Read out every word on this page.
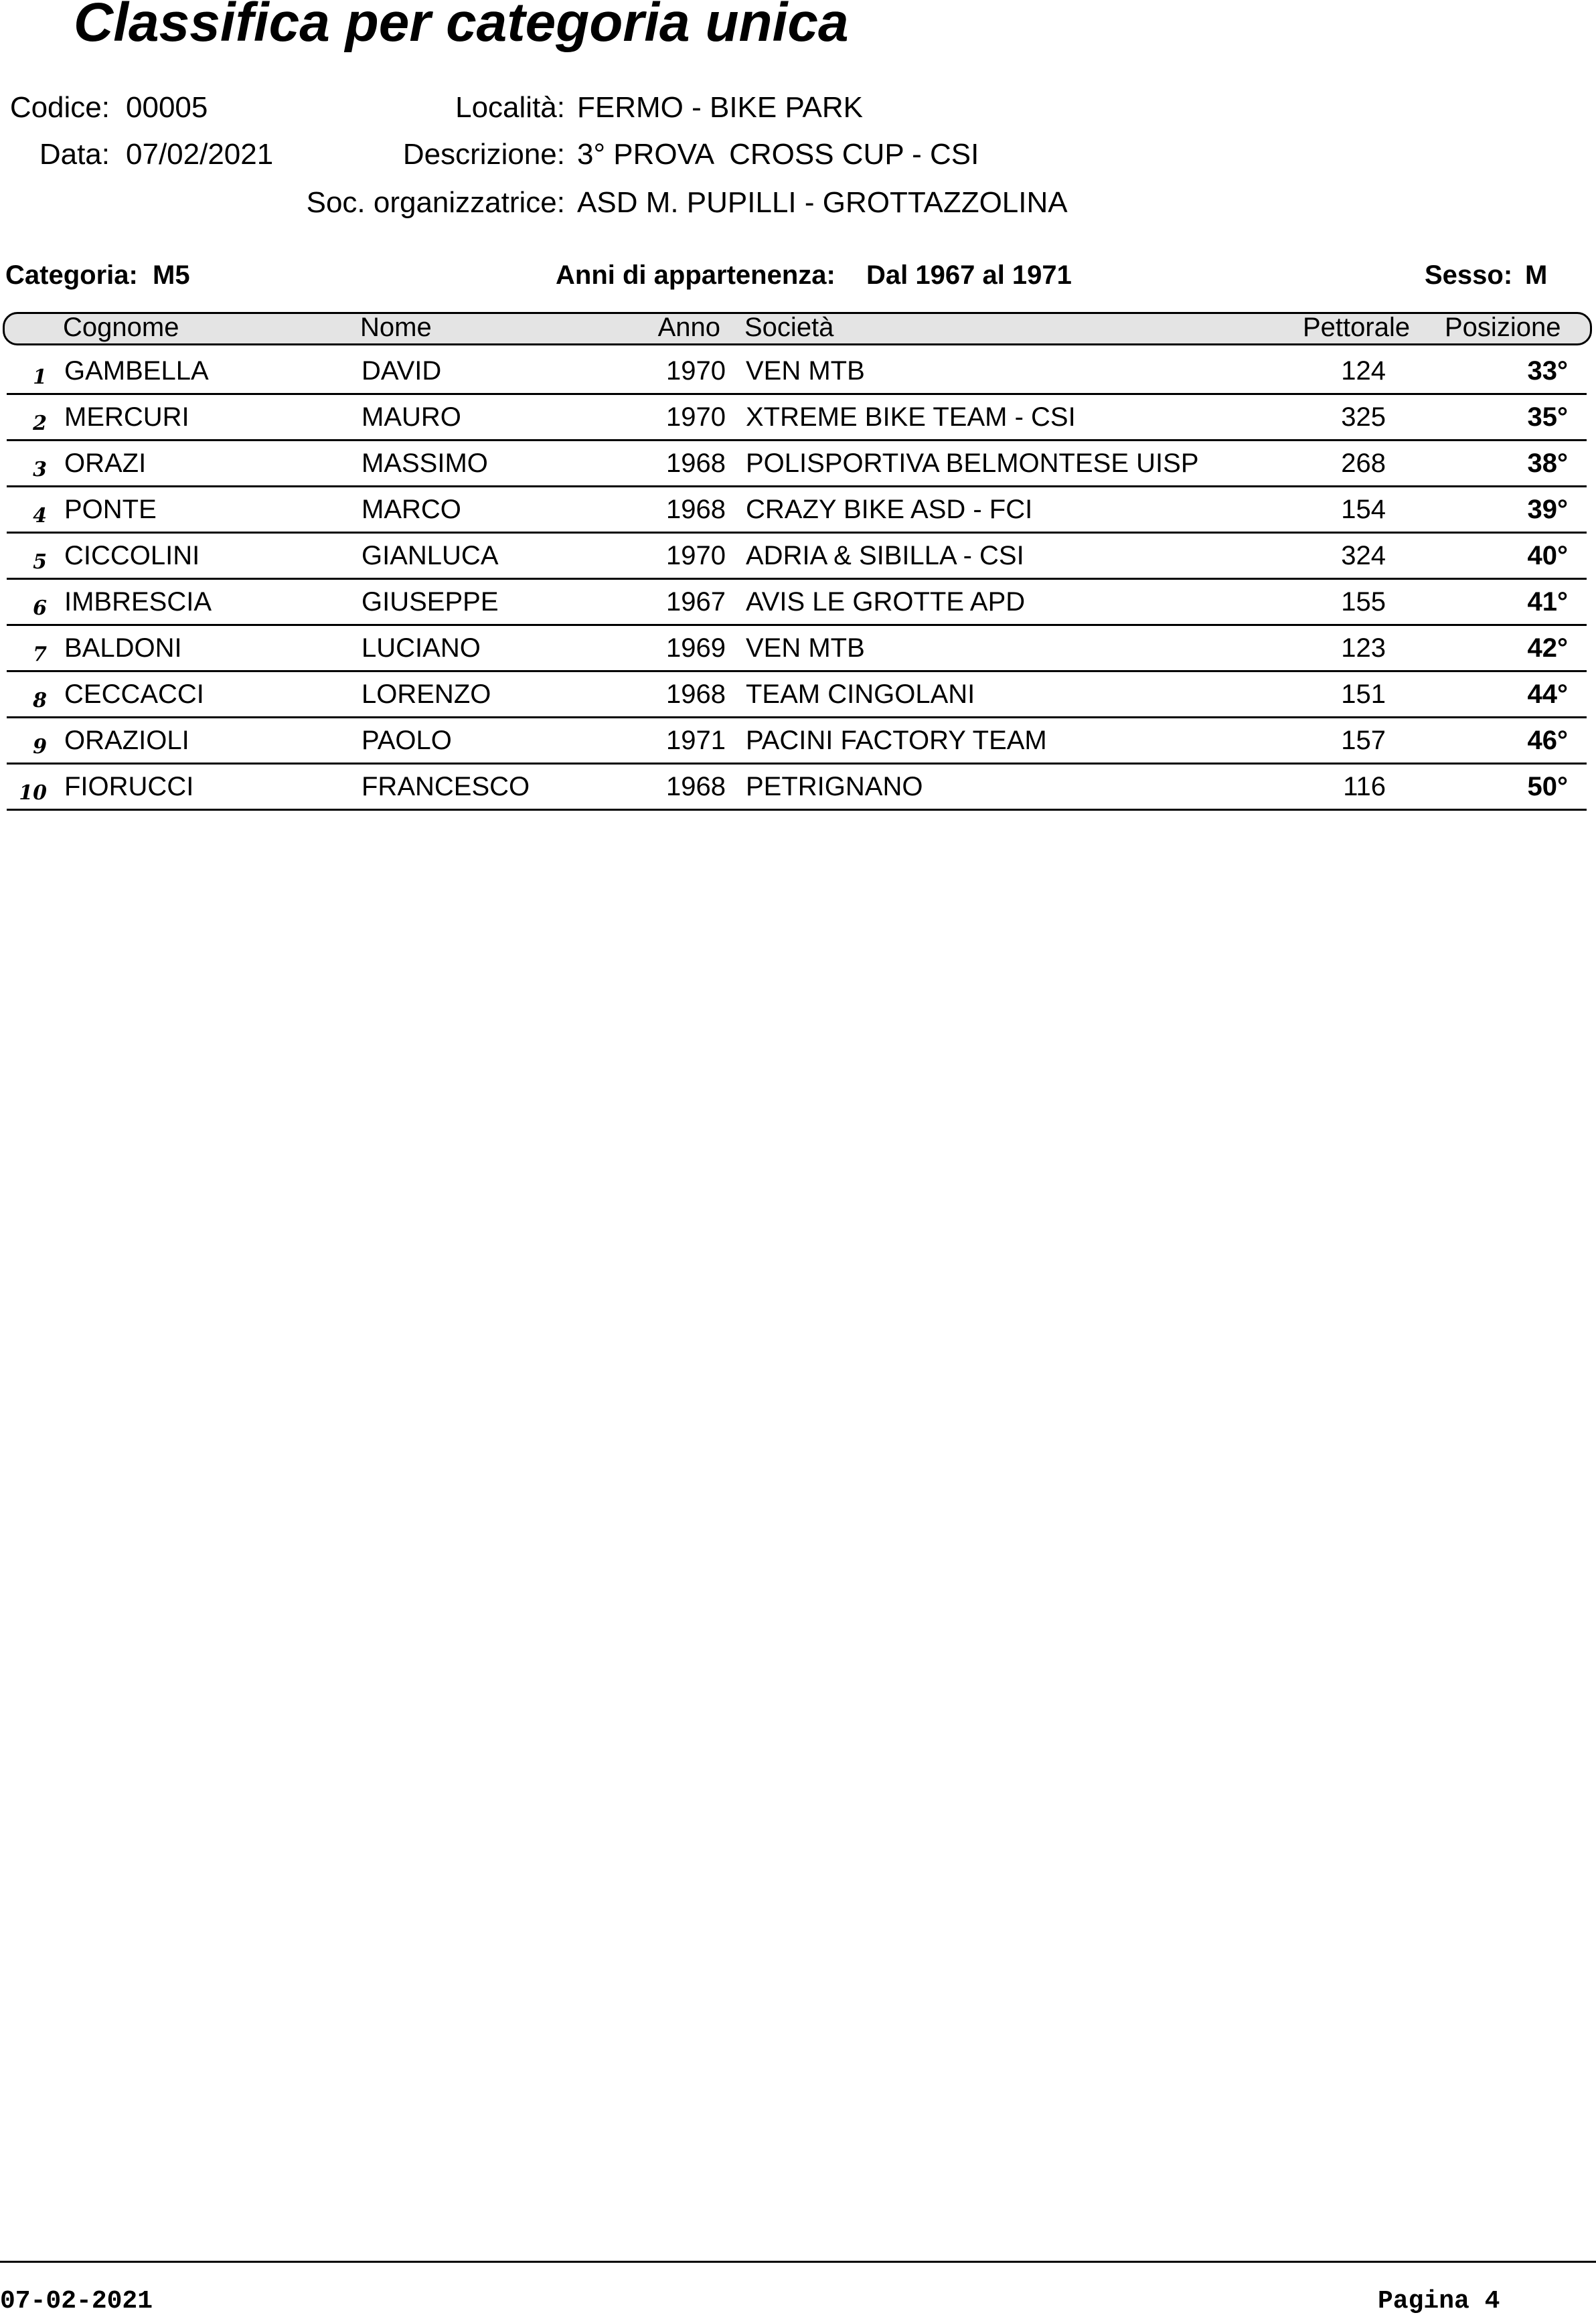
Classifica per categoria unica
Codice: 00005
Data: 07/02/2021
Località: FERMO - BIKE PARK
Descrizione: 3° PROVA  CROSS CUP - CSI
Soc. organizzatrice: ASD M. PUPILLI - GROTTAZZOLINA
Categoria: M5	Anni di appartenenza: Dal 1967 al 1971	Sesso: M
Cognome	Nome	Anno Società	Pettorale Posizione
1 GAMBELLA	DAVID	1970 VEN MTB	124	33°
2 MERCURI	MAURO	1970 XTREME BIKE TEAM - CSI	325	35°
3 ORAZI	MASSIMO	1968 POLISPORTIVA BELMONTESE UISP	268	38°
4 PONTE	MARCO	1968 CRAZY BIKE ASD - FCI	154	39°
5 CICCOLINI	GIANLUCA	1970 ADRIA & SIBILLA - CSI	324	40°
6 IMBRESCIA	GIUSEPPE	1967 AVIS LE GROTTE APD	155	41°
7 BALDONI	LUCIANO	1969 VEN MTB	123	42°
8 CECCACCI	LORENZO	1968 TEAM CINGOLANI	151	44°
9 ORAZIOLI	PAOLO	1971 PACINI FACTORY TEAM	157	46°
10 FIORUCCI	FRANCESCO	1968 PETRIGNANO	116	50°
07-02-2021	Pagina 4
